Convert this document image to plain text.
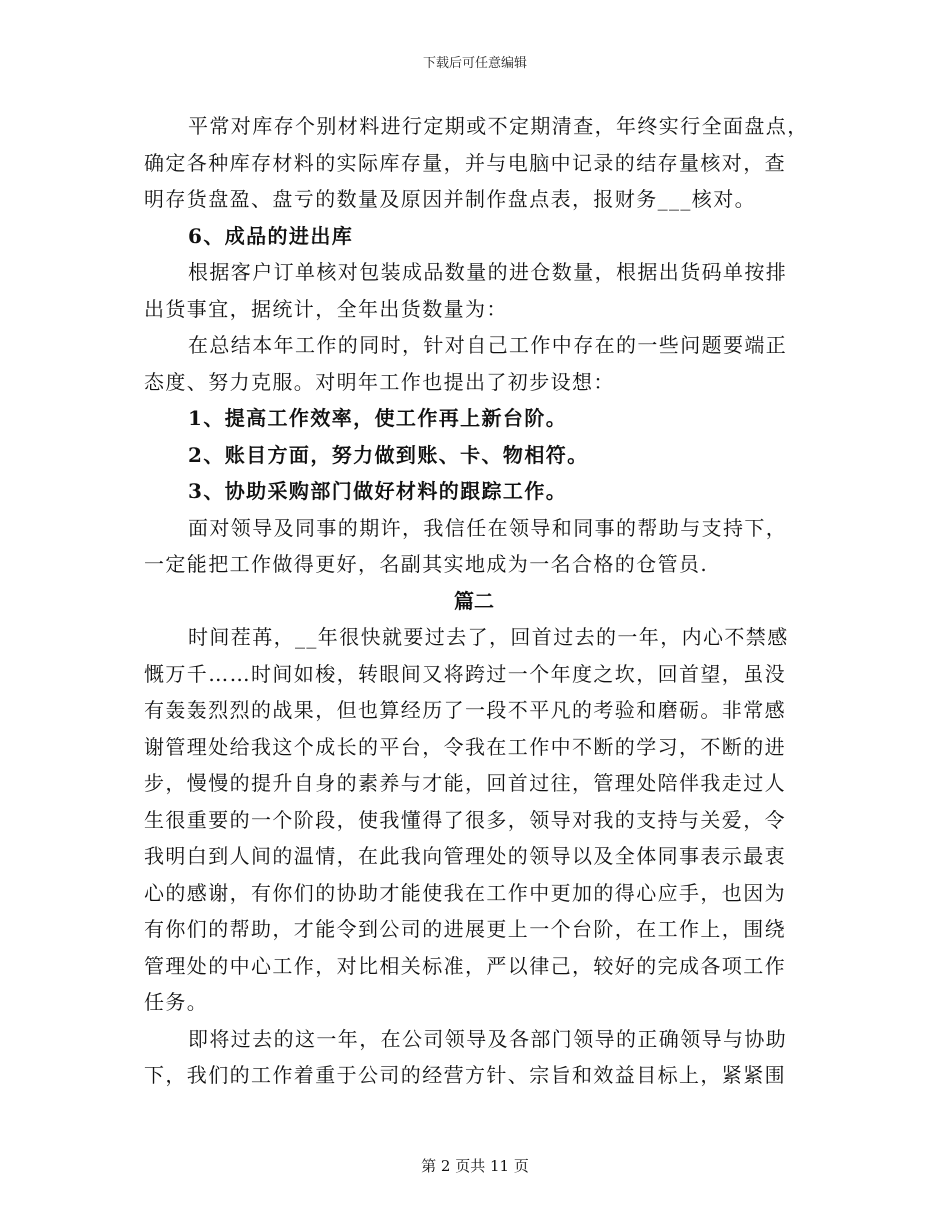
下载后可任意编辑
平常对库存个别材料进行定期或不定期清查，年终实行全面盘点，
确定各种库存材料的实际库存量，并与电脑中记录的结存量核对，查
明存货盘盈、盘亏的数量及原因并制作盘点表，报财务___核对。
6、成品的进出库
根据客户订单核对包装成品数量的进仓数量，根据出货码单按排
出货事宜，据统计，全年出货数量为：
在总结本年工作的同时，针对自己工作中存在的一些问题要端正
态度、努力克服。对明年工作也提出了初步设想：
1、提高工作效率，使工作再上新台阶。
2、账目方面，努力做到账、卡、物相符。
3、协助采购部门做好材料的跟踪工作。
面对领导及同事的期许，我信任在领导和同事的帮助与支持下，
一定能把工作做得更好，名副其实地成为一名合格的仓管员.
篇二
时间茬苒，__年很快就要过去了，回首过去的一年，内心不禁感
慨万千……时间如梭，转眼间又将跨过一个年度之坎，回首望，虽没
有轰轰烈烈的战果，但也算经历了一段不平凡的考验和磨砺。非常感
谢管理处给我这个成长的平台，令我在工作中不断的学习，不断的进
步，慢慢的提升自身的素养与才能，回首过往，管理处陪伴我走过人
生很重要的一个阶段，使我懂得了很多，领导对我的支持与关爱，令
我明白到人间的温情，在此我向管理处的领导以及全体同事表示最衷
心的感谢，有你们的协助才能使我在工作中更加的得心应手，也因为
有你们的帮助，才能令到公司的进展更上一个台阶，在工作上，围绕
管理处的中心工作，对比相关标准，严以律己，较好的完成各项工作
任务。
即将过去的这一年，在公司领导及各部门领导的正确领导与协助
下，我们的工作着重于公司的经营方针、宗旨和效益目标上，紧紧围
第 2 页共 11 页
